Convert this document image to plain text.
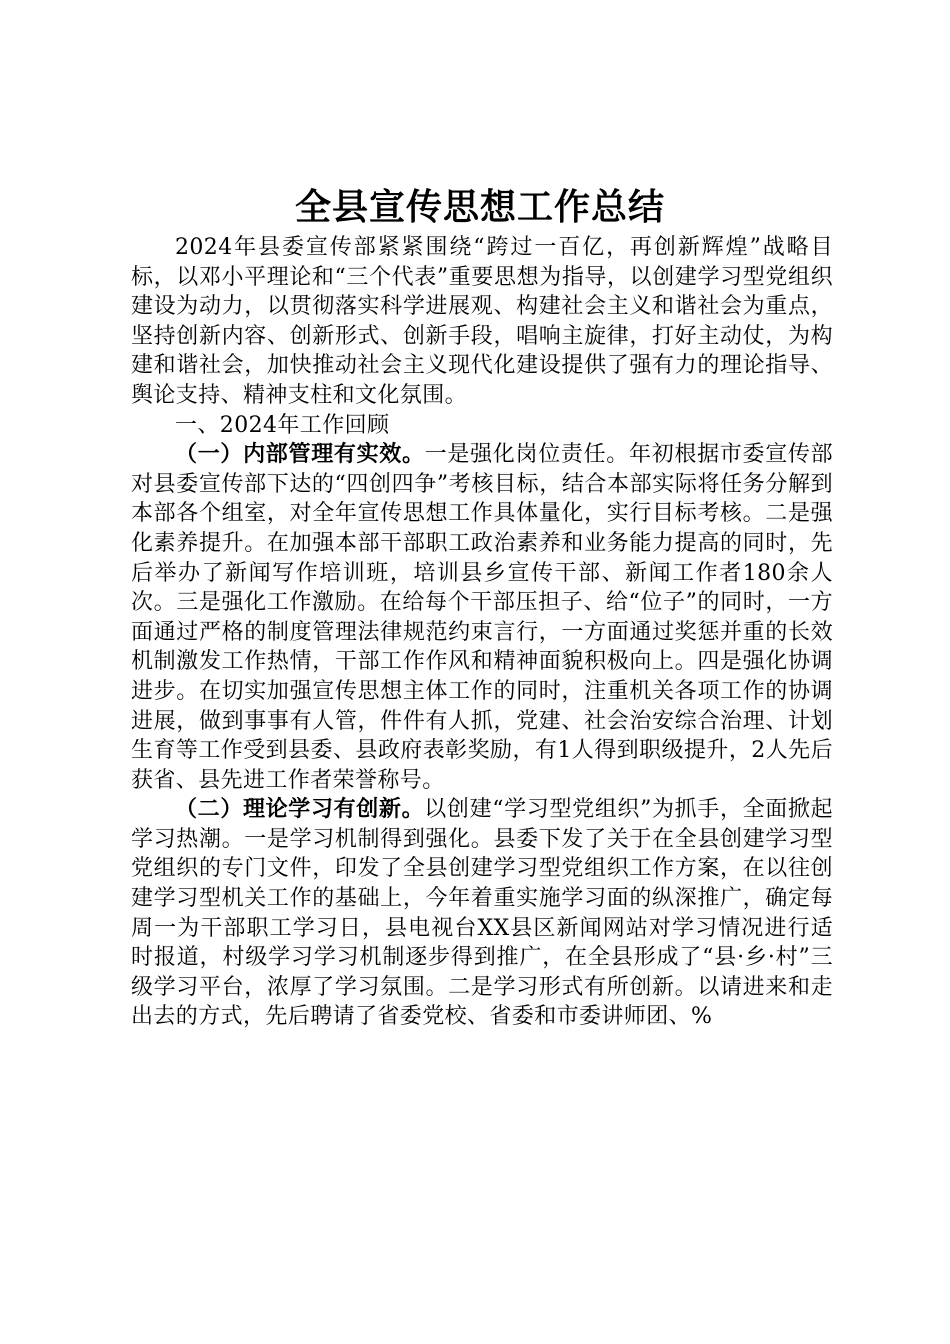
全县宣传思想工作总结

2024年县委宣传部紧紧围绕“跨过一百亿，再创新辉煌”战略目标，以邓小平理论和“三个代表”重要思想为指导，以创建学习型党组织建设为动力，以贯彻落实科学进展观、构建社会主义和谐社会为重点，坚持创新内容、创新形式、创新手段，唱响主旋律，打好主动仗，为构建和谐社会，加快推动社会主义现代化建设提供了强有力的理论指导、舆论支持、精神支柱和文化氛围。

一、2024年工作回顾

（一）内部管理有实效。一是强化岗位责任。年初根据市委宣传部对县委宣传部下达的“四创四争”考核目标，结合本部实际将任务分解到本部各个组室，对全年宣传思想工作具体量化，实行目标考核。二是强化素养提升。在加强本部干部职工政治素养和业务能力提高的同时，先后举办了新闻写作培训班，培训县乡宣传干部、新闻工作者180余人次。三是强化工作激励。在给每个干部压担子、给“位子”的同时，一方面通过严格的制度管理法律规范约束言行，一方面通过奖惩并重的长效机制激发工作热情，干部工作作风和精神面貌积极向上。四是强化协调进步。在切实加强宣传思想主体工作的同时，注重机关各项工作的协调进展，做到事事有人管，件件有人抓，党建、社会治安综合治理、计划生育等工作受到县委、县政府表彰奖励，有1人得到职级提升，2人先后获省、县先进工作者荣誉称号。

（二）理论学习有创新。以创建“学习型党组织”为抓手，全面掀起学习热潮。一是学习机制得到强化。县委下发了关于在全县创建学习型党组织的专门文件，印发了全县创建学习型党组织工作方案，在以往创建学习型机关工作的基础上，今年着重实施学习面的纵深推广，确定每周一为干部职工学习日，县电视台XX县区新闻网站对学习情况进行适时报道，村级学习学习机制逐步得到推广，在全县形成了“县·乡·村”三级学习平台，浓厚了学习氛围。二是学习形式有所创新。以请进来和走出去的方式，先后聘请了省委党校、省委和市委讲师团、%
